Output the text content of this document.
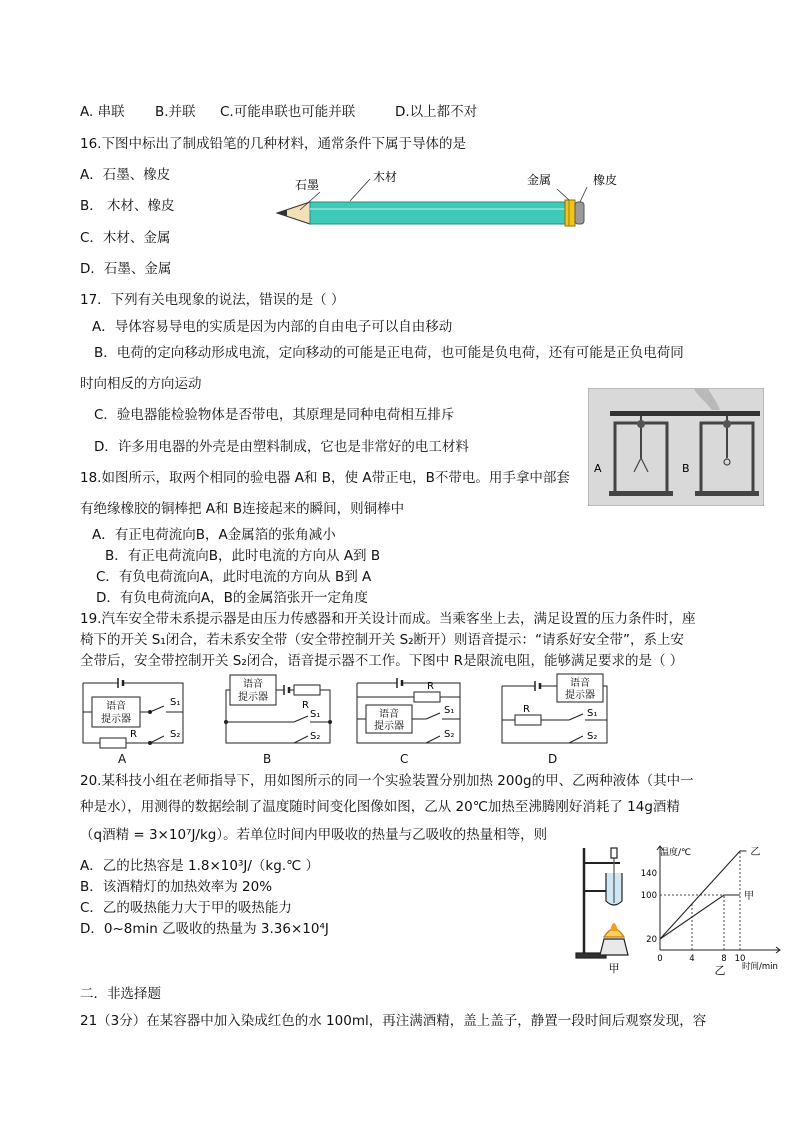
A. 串联 B.并联 C.可能串联也可能并联	D.以上都不对
16.下图中标出了制成铅笔的几种材料，通常条件下属于导体的是
A．石墨、橡皮
B． 木材、橡皮
C．木材、金属
D．石墨、金属
石墨
木材	金属	橡皮
17．下列有关电现象的说法，错误的是（ ）
A．导体容易导电的实质是因为内部的自由电子可以自由移动
B．电荷的定向移动形成电流，定向移动的可能是正电荷，也可能是负电荷，还有可能是正负电荷同
时向相反的方向运动
C．验电器能检验物体是否带电，其原理是同种电荷相互排斥
D．许多用电器的外壳是由塑料制成，它也是非常好的电工材料
A	B
18.如图所示，取两个相同的验电器 A和 B，使 A带正电，B不带电。用手拿中部套
有绝缘橡胶的铜棒把 A和 B连接起来的瞬间，则铜棒中
A．有正电荷流向B，A金属箔的张角减小
B．有正电荷流向B，此时电流的方向从 A到 B
C．有负电荷流向A，此时电流的方向从 B到 A
D．有负电荷流向A，B的金属箔张开一定角度
19.汽车安全带未系提示器是由压力传感器和开关设计而成。当乘客坐上去，满足设置的压力条件时，座
椅下的开关 S₁闭合，若未系安全带（安全带控制开关 S₂断开）则语音提示：“请系好安全带”，系上安
全带后，安全带控制开关 S₂闭合，语音提示器不工作。下图中 R是限流电阻，能够满足要求的是（ ）
语音
提示器
R
S₁
S₂
A
语音
提示器
R
S₁
S₂
B
R
语音
提示器
S₁
S₂
C
语音
提示器
R	S₁
S₂
D
20.某科技小组在老师指导下，用如图所示的同一个实验装置分别加热 200g的甲、乙两种液体（其中一
种是水），用测得的数据绘制了温度随时间变化图像如图，乙从 20℃加热至沸腾刚好消耗了 14g酒精
（q酒精 = 3×10⁷J/kg）。若单位时间内甲吸收的热量与乙吸收的热量相等，则
A．乙的比热容是 1.8×10³J/（kg.℃ ）
B．该酒精灯的加热效率为 20%
C．乙的吸热能力大于甲的吸热能力
D．0~8min 乙吸收的热量为 3.36×10⁴J
甲
甲
乙
0	4	8 10
20
100
140
温度/℃
时间/min
乙
二．非选择题
21（3分）在某容器中加入染成红色的水 100ml，再注满酒精，盖上盖子，静置一段时间后观察发现，容
